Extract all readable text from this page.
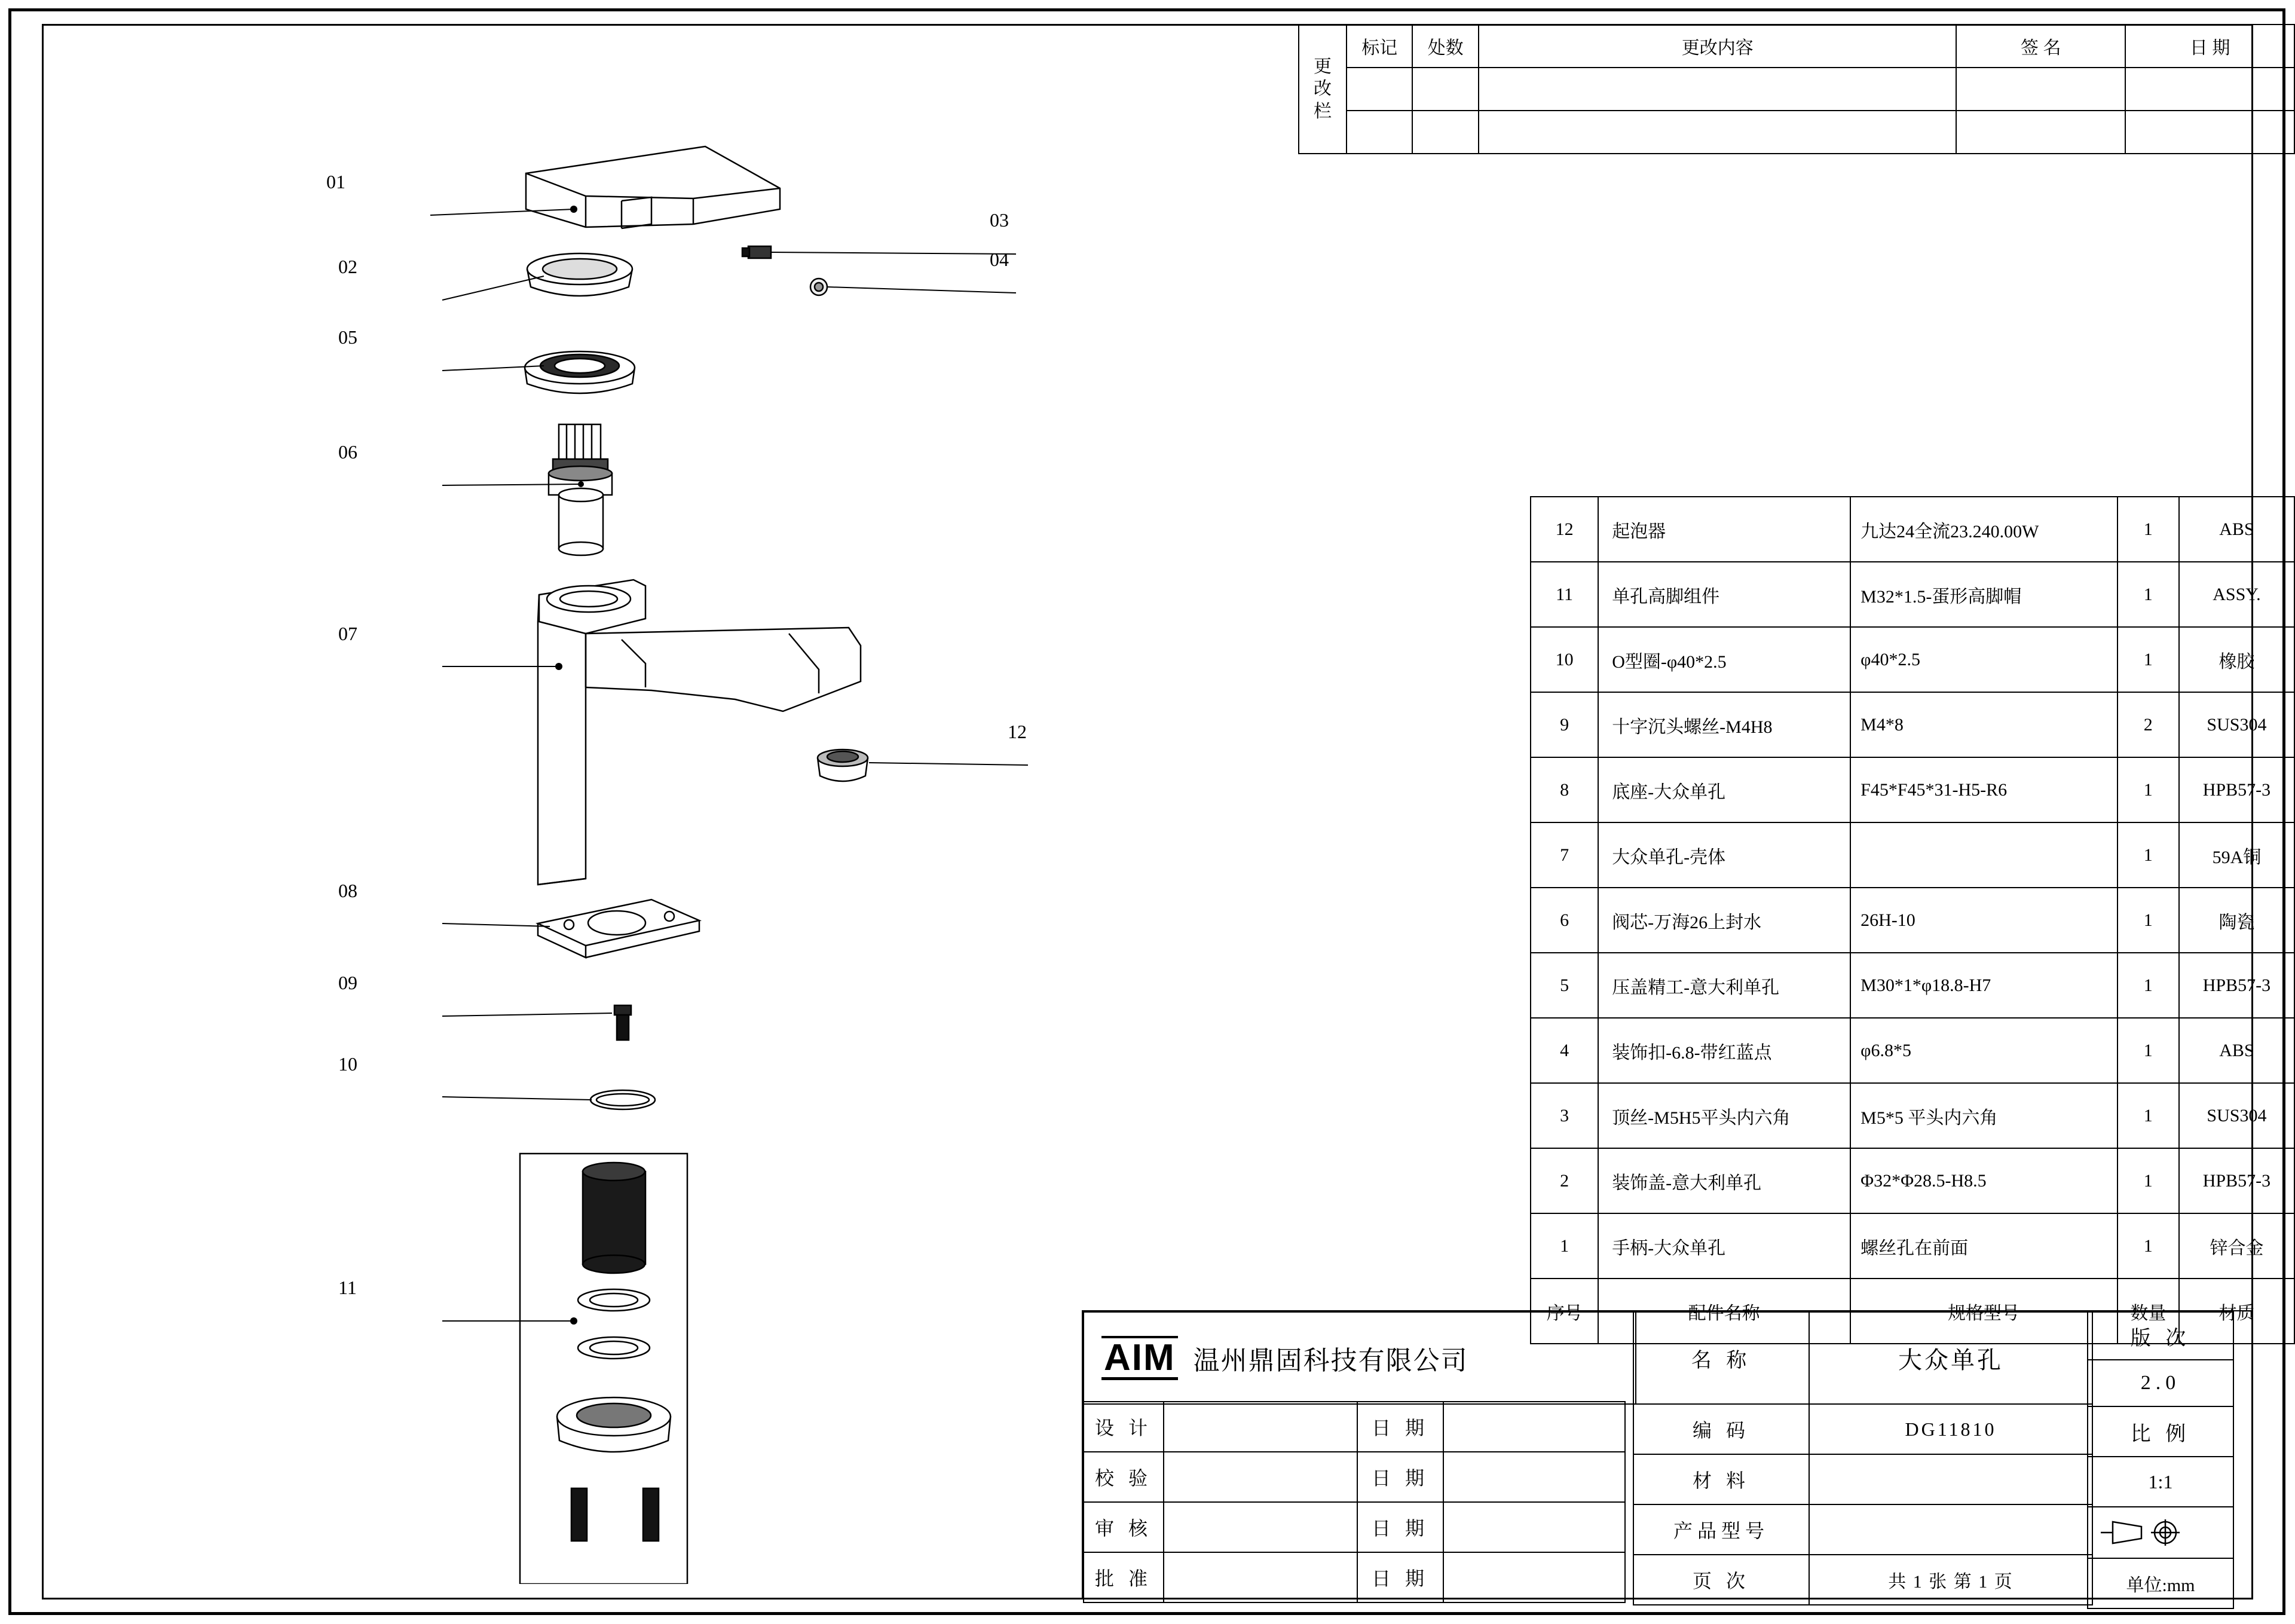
01
02
03
04
05
06
07
08
09
10
11
12
更
改
栏	标记	处数	更改内容	签 名	日 期

12	起泡器	九达24全流23.240.00W	1	ABS
11	单孔高脚组件	M32*1.5-蛋形高脚帽	1	ASSY.
10	O型圈-φ40*2.5	φ40*2.5	1	橡胶
9	十字沉头螺丝-M4H8	M4*8	2	SUS304
8	底座-大众单孔	F45*F45*31-H5-R6	1	HPB57-3
7	大众单孔-壳体		1	59A铜
6	阀芯-万海26上封水	26H-10	1	陶瓷
5	压盖精工-意大利单孔	M30*1*φ18.8-H7	1	HPB57-3
4	装饰扣-6.8-带红蓝点	φ6.8*5	1	ABS
3	顶丝-M5H5平头内六角	M5*5 平头内六角	1	SUS304
2	装饰盖-意大利单孔	Φ32*Φ28.5-H8.5	1	HPB57-3
1	手柄-大众单孔	螺丝孔在前面	1	锌合金
序号	配件名称	规格型号	数量	材质
AIM 温州鼎固科技有限公司
设 计		日 期	
校 验		日 期	
审 核		日 期	
批 准		日 期	
名 称	大众单孔
编 码	DG11810
材 料	
产品型号	
页 次	共 1 张 第 1 页
版 次
2.0
比 例
1:1

单位:mm
